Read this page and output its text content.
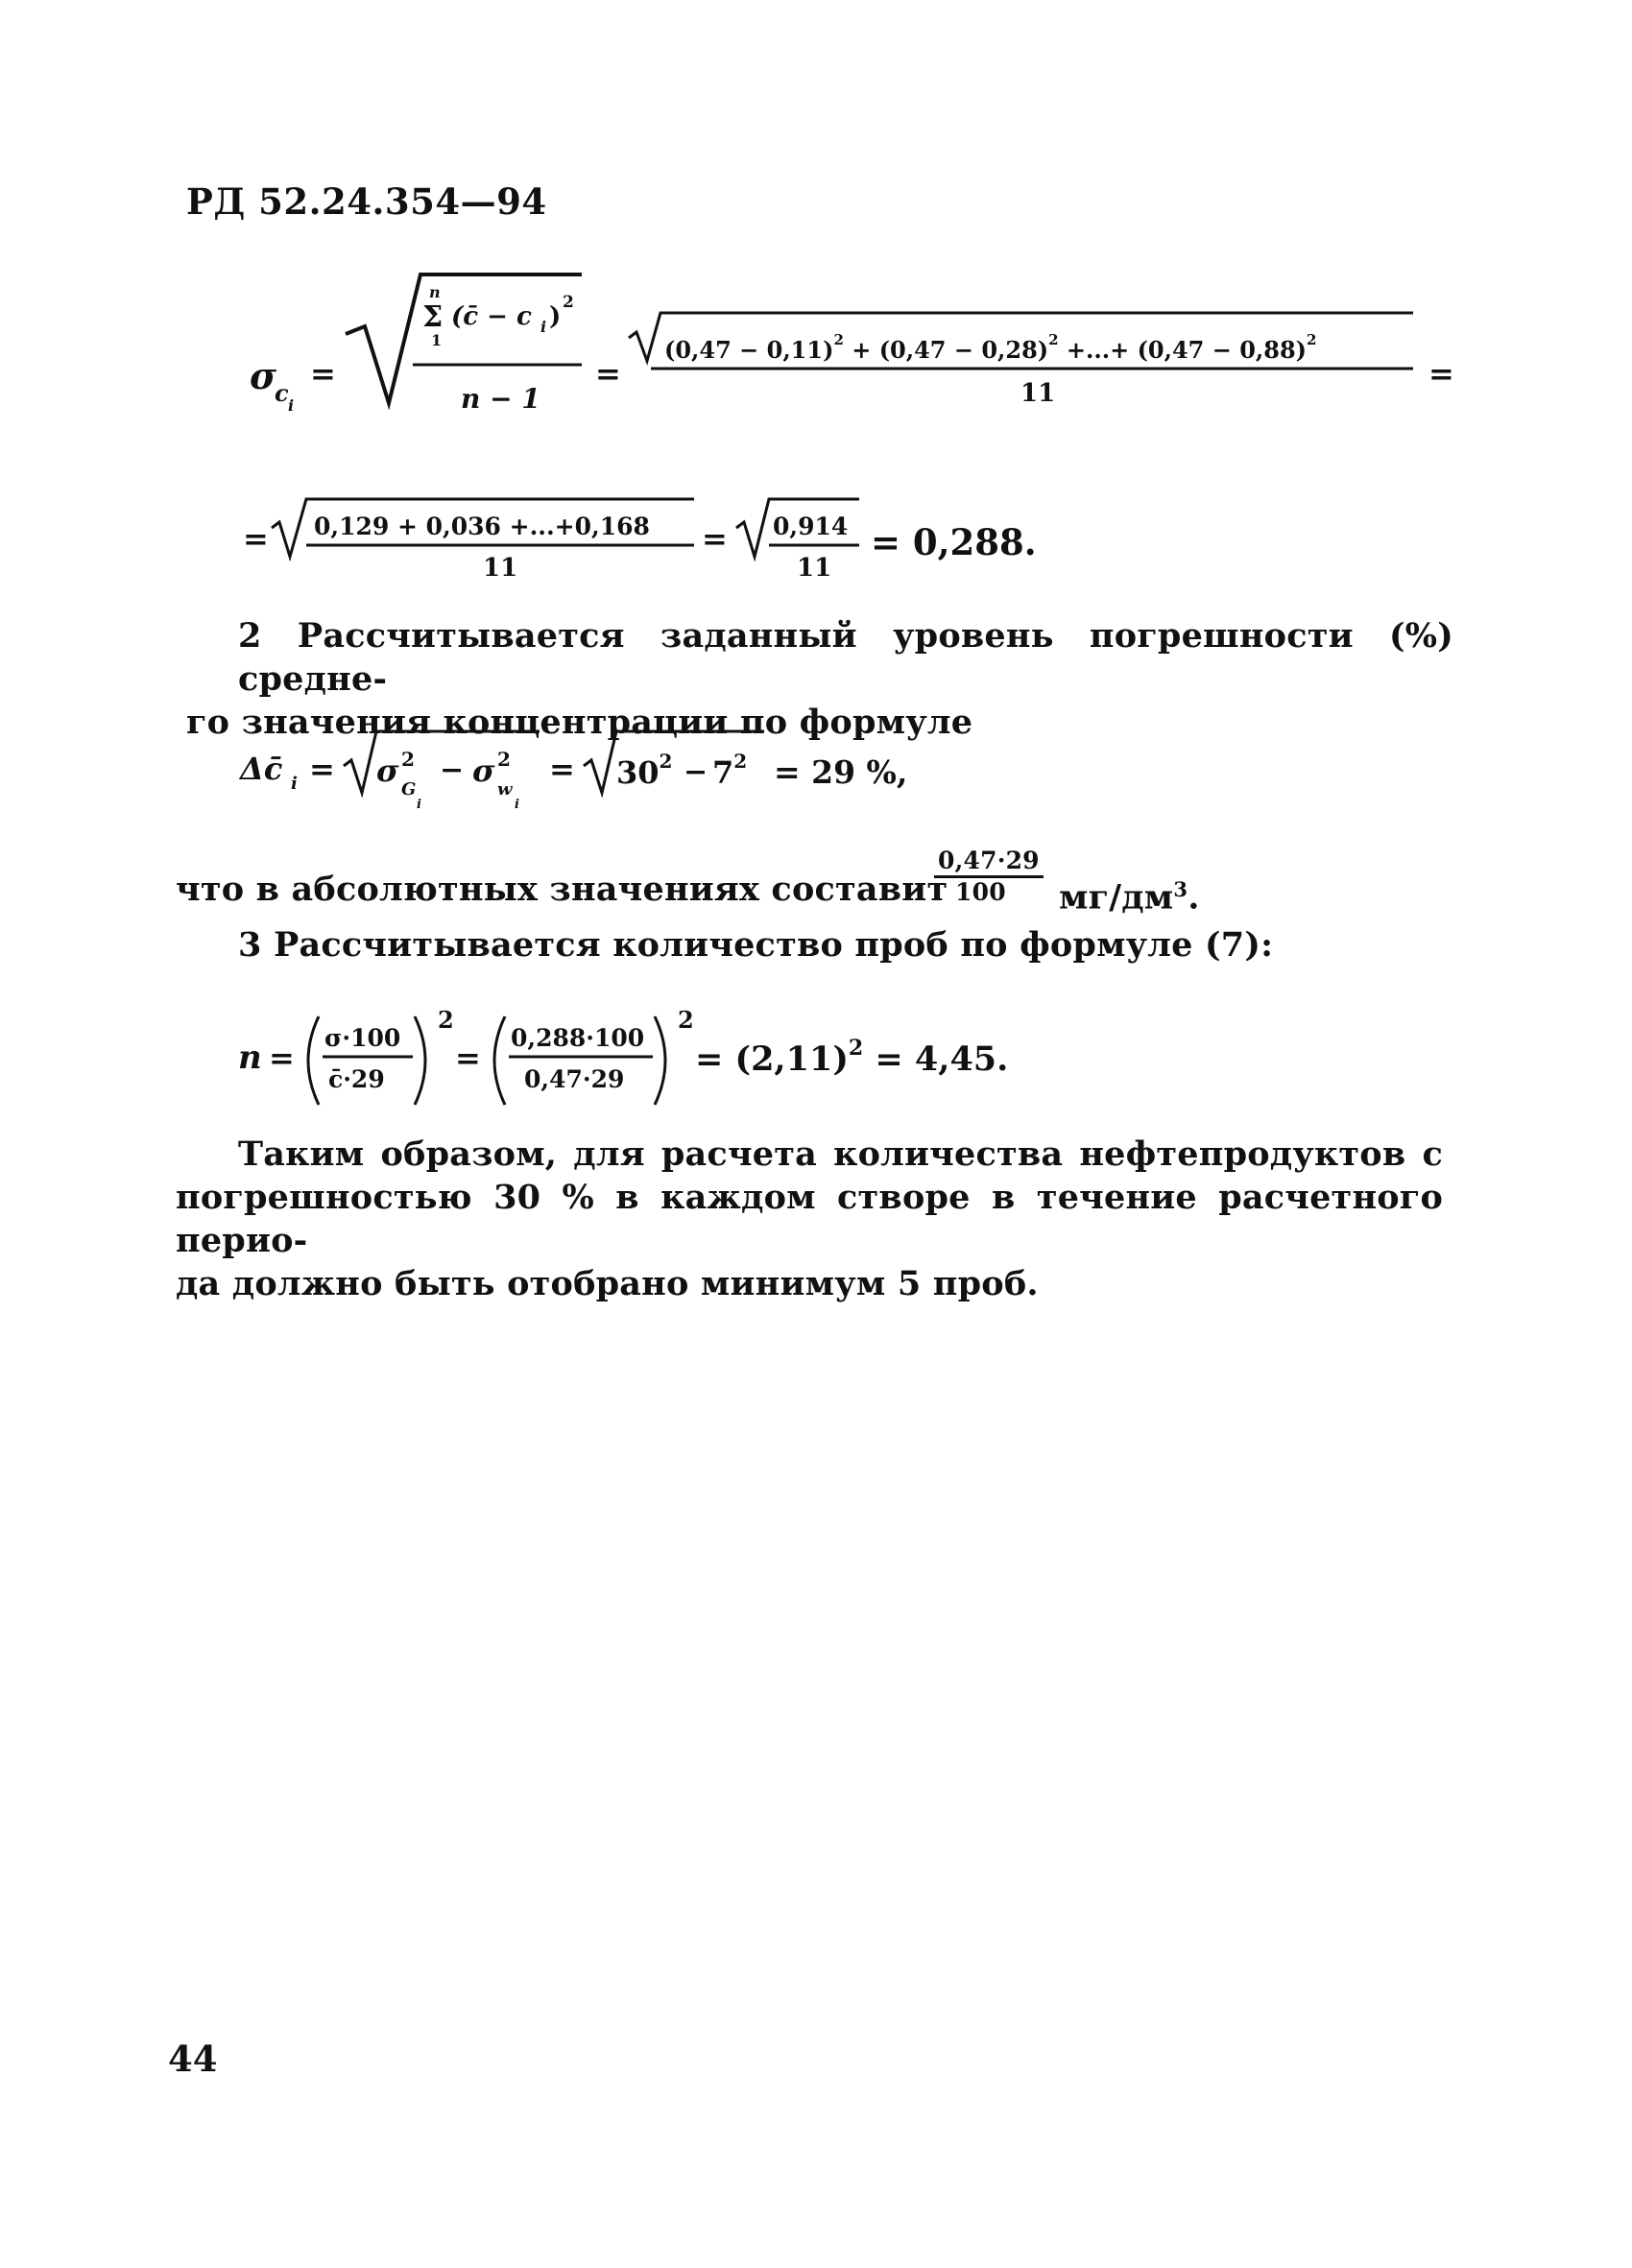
РД 52.24.354—94
σ
c i
=
n
Σ
1
(c̄ − c i ) 2
n − 1
=
$(0,47 - 0,11)^2 + (0,47 - 0,28)^2$ +...+ $(0,47 - 0,88)^2$
11
=
= 0,129 + 0,036 +...+0,168
11
= 0,914
11
= 0,288.
2 Рассчитывается заданный уровень погрешности (%) средне-
го значения концентрации по формуле
Δc̄ i = σ 2
G
i
− σ 2
w
i
= $30^2 - 7^2 = 29$ %,
что в абсолютных значениях составит
0,47·29
100 $мг/дм^3$.
3 Рассчитывается количество проб по формуле (7):
n =
σ·100
c̄·29
2
=
0,288·100
0,47·29
2
= $(2,11)^2 = 4,45$.
Таким образом, для расчета количества нефтепродуктов с
погрешностью 30 % в каждом створе в течение расчетного перио-
да должно быть отобрано минимум 5 проб.
44
